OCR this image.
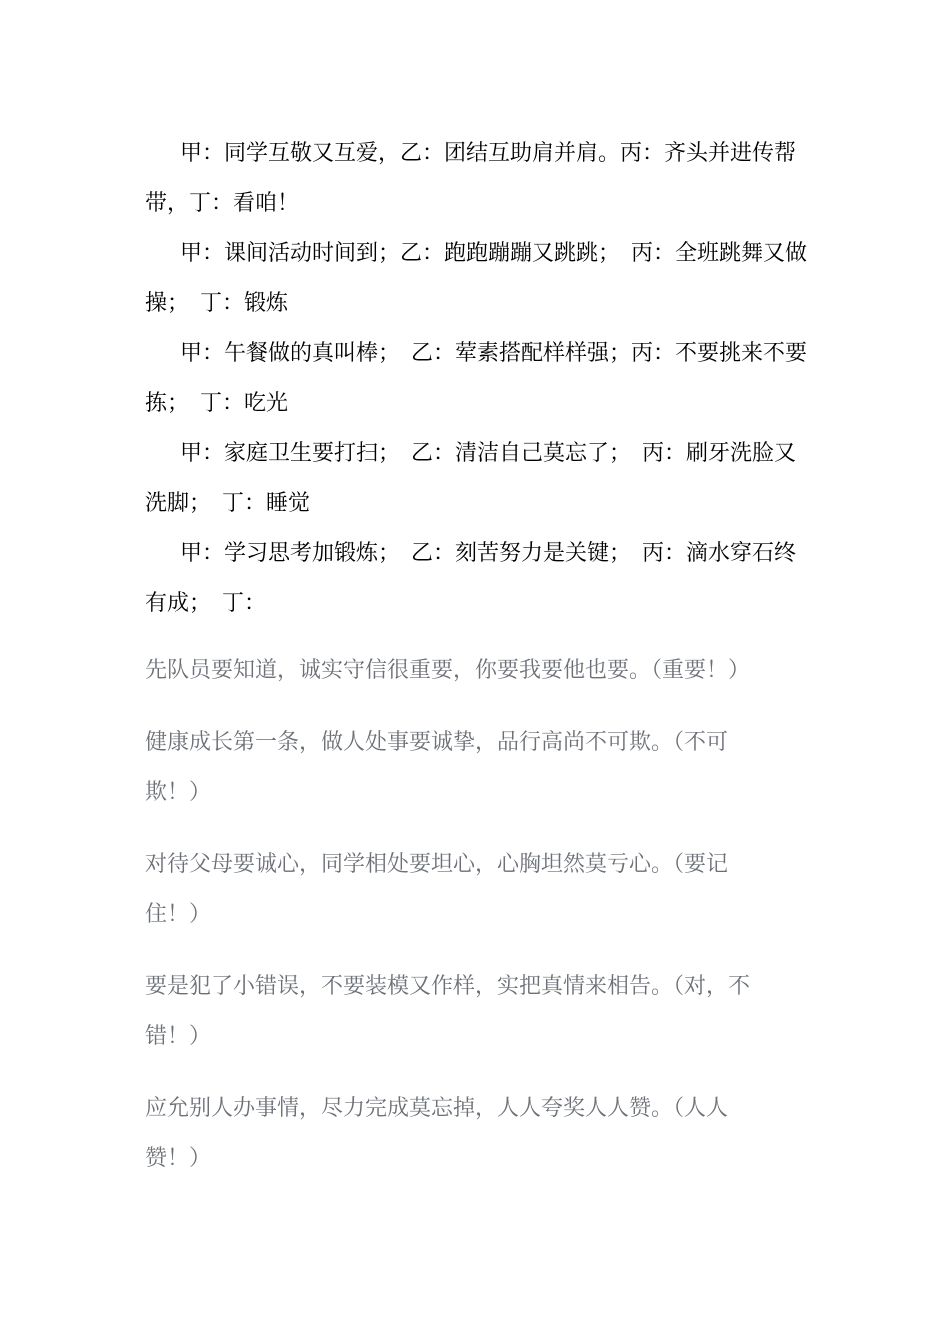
甲：同学互敬又互爱，乙：团结互助肩并肩。丙：齐头并进传帮带，丁：看咱！

甲：课间活动时间到；乙：跑跑蹦蹦又跳跳；　丙：全班跳舞又做操；　丁：锻炼

甲：午餐做的真叫棒；　乙：荤素搭配样样强；丙：不要挑来不要拣；　丁：吃光

甲：家庭卫生要打扫；　乙：清洁自己莫忘了；　丙：刷牙洗脸又洗脚；　丁：睡觉

甲：学习思考加锻炼；　乙：刻苦努力是关键；　丙：滴水穿石终有成；　丁：

先队员要知道，诚实守信很重要，你要我要他也要。（重要！）

健康成长第一条，做人处事要诚挚，品行高尚不可欺。（不可欺！）

对待父母要诚心，同学相处要坦心，心胸坦然莫亏心。（要记住！）

要是犯了小错误，不要装模又作样，实把真情来相告。（对，不错！）

应允别人办事情，尽力完成莫忘掉，人人夸奖人人赞。（人人赞！）
